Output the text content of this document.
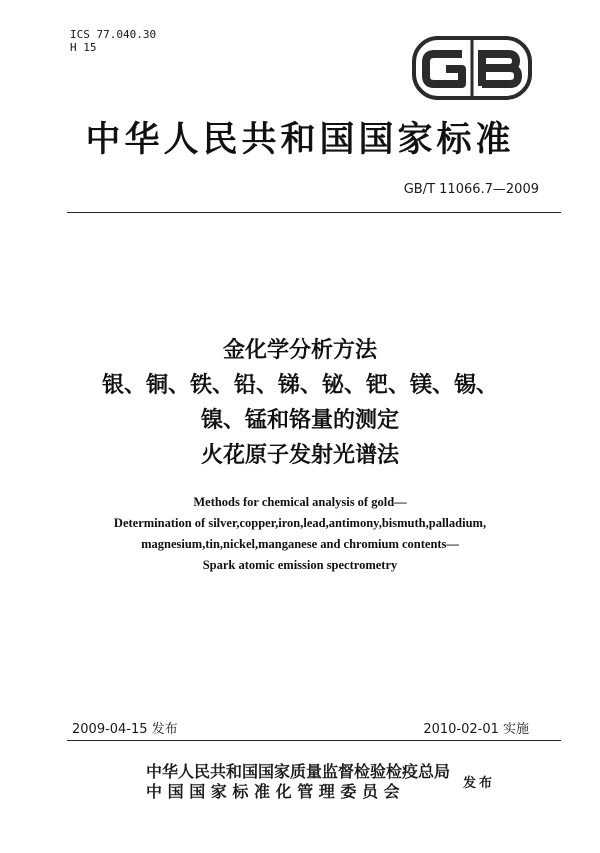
ICS 77.040.30
H 15
中华人民共和国国家标准
GB/T 11066.7—2009
金化学分析方法
银、铜、铁、铅、锑、铋、钯、镁、锡、
镍、锰和铬量的测定
火花原子发射光谱法
Methods for chemical analysis of gold—
Determination of silver,copper,iron,lead,antimony,bismuth,palladium,
magnesium,tin,nickel,manganese and chromium contents—
Spark atomic emission spectrometry
2009-04-15 发布	2010-02-01 实施
中华人民共和国国家质量监督检验检疫总局
中国国家标准化管理委员会	发布
